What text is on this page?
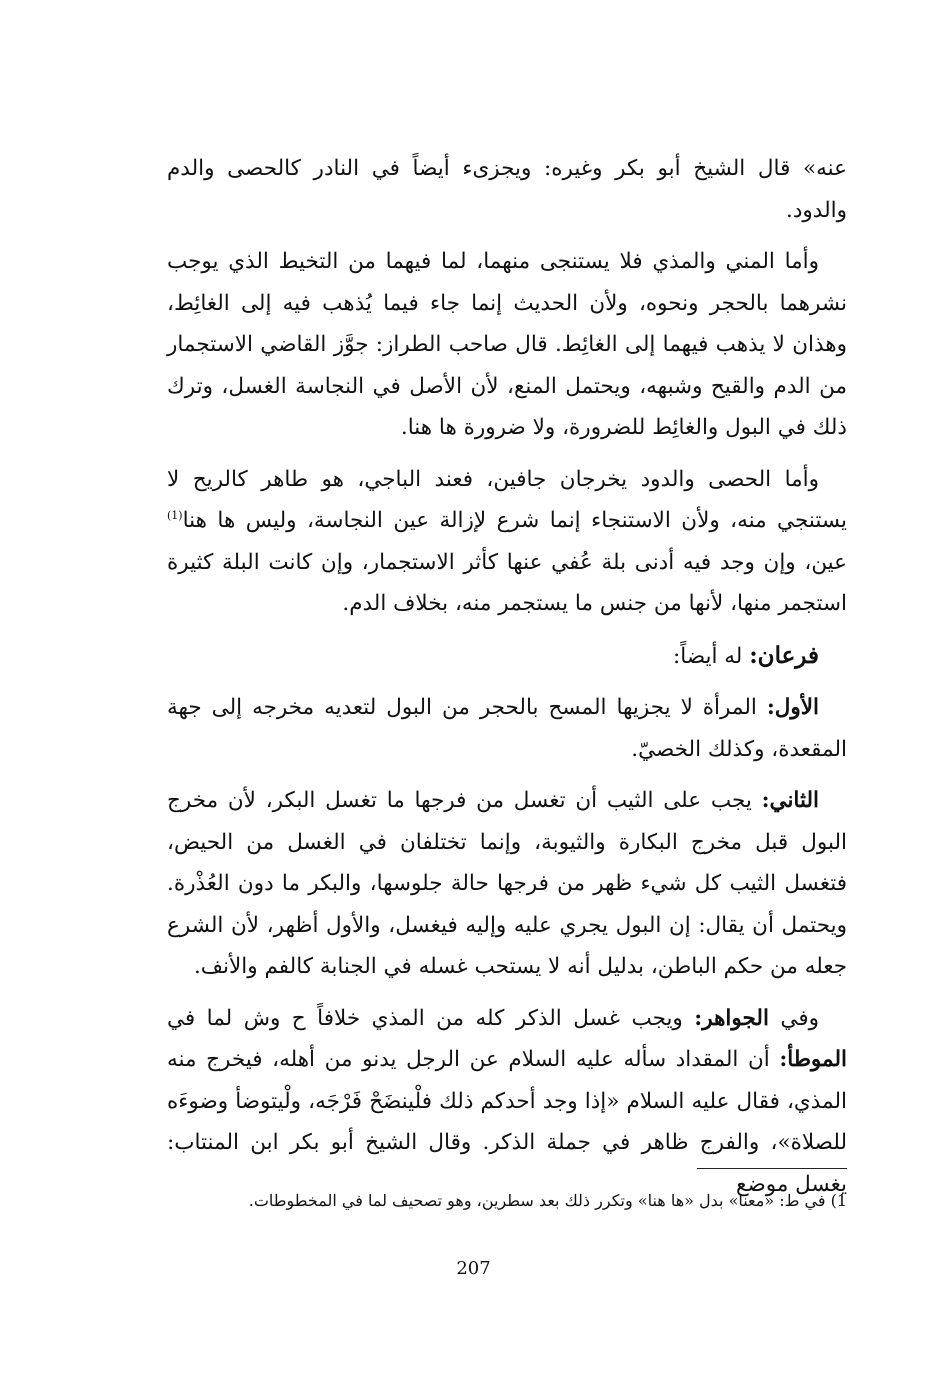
عنه» قال الشيخ أبو بكر وغيره: ويجزىء أيضاً في النادر كالحصى والدم والدود.

وأما المني والمذي فلا يستنجى منهما، لما فيهما من التخيط الذي يوجب نشرهما بالحجر ونحوه، ولأن الحديث إنما جاء فيما يُذهب فيه إلى الغائِط، وهذان لا يذهب فيهما إلى الغائِط. قال صاحب الطراز: جوَّز القاضي الاستجمار من الدم والقيح وشبهه، ويحتمل المنع، لأن الأصل في النجاسة الغسل، وترك ذلك في البول والغائِط للضرورة، ولا ضرورة ها هنا.

وأما الحصى والدود يخرجان جافين، فعند الباجي، هو طاهر كالريح لا يستنجي منه، ولأن الاستنجاء إنما شرع لإزالة عين النجاسة، وليس ها هنا$^{(1)}$ عين، وإن وجد فيه أدنى بلة عُفي عنها كأثر الاستجمار، وإن كانت البلة كثيرة استجمر منها، لأنها من جنس ما يستجمر منه، بخلاف الدم.

فرعان: له أيضاً:

الأول: المرأة لا يجزيها المسح بالحجر من البول لتعديه مخرجه إلى جهة المقعدة، وكذلك الخصيّ.

الثاني: يجب على الثيب أن تغسل من فرجها ما تغسل البكر، لأن مخرج البول قبل مخرج البكارة والثيوبة، وإنما تختلفان في الغسل من الحيض، فتغسل الثيب كل شيء ظهر من فرجها حالة جلوسها، والبكر ما دون العُذْرة. ويحتمل أن يقال: إن البول يجري عليه وإليه فيغسل، والأول أظهر، لأن الشرع جعله من حكم الباطن، بدليل أنه لا يستحب غسله في الجنابة كالفم والأنف.

وفي الجواهر: ويجب غسل الذكر كله من المذي خلافاً ح وش لما في الموطأ: أن المقداد سأله عليه السلام عن الرجل يدنو من أهله، فيخرج منه المذي، فقال عليه السلام «إذا وجد أحدكم ذلك فلْينضَحْ فَرْجَه، ولْيتوضأ وضوءَه للصلاة»، والفرج ظاهر في جملة الذكر. وقال الشيخ أبو بكر ابن المنتاب: يغسل موضع

1) في ط: «معنا» بدل «ها هنا» وتكرر ذلك بعد سطرين، وهو تصحيف لما في المخطوطات.
207
